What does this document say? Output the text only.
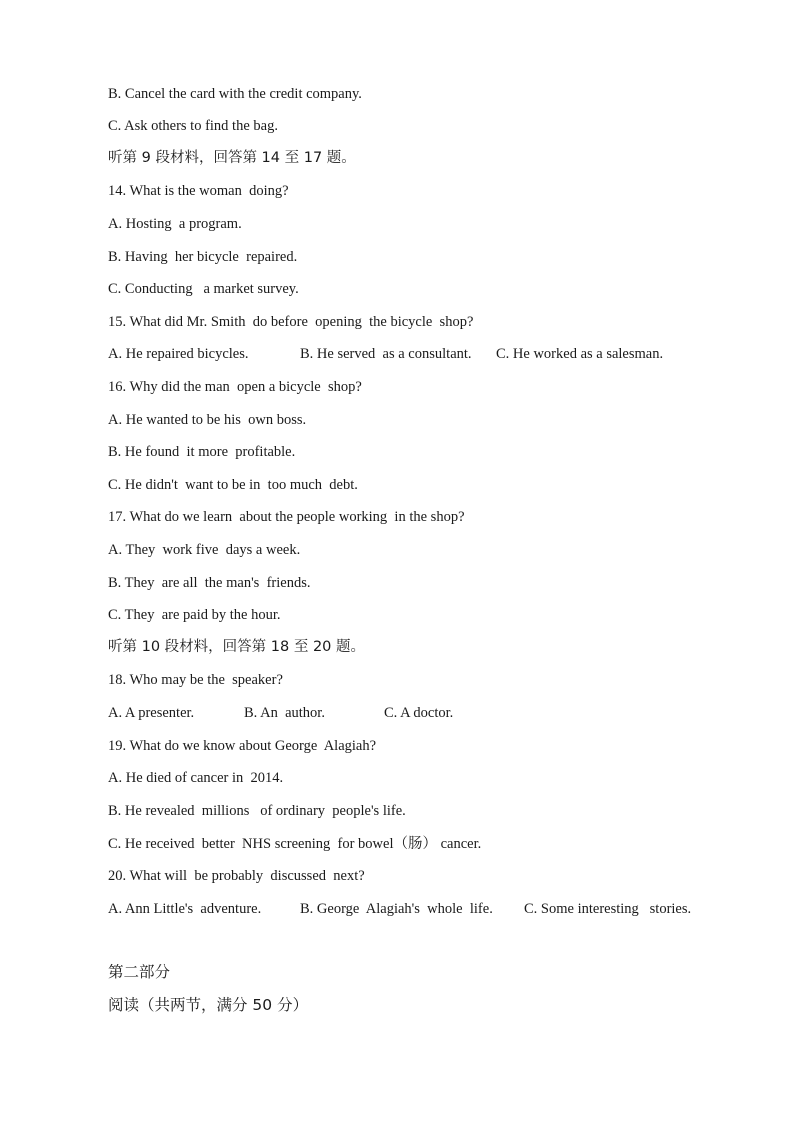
B. Cancel the card with the credit company.
C. Ask others to find the bag.
听第 9 段材料，回答第 14 至 17 题。
14. What is the woman  doing?
A. Hosting  a program.
B. Having  her bicycle  repaired.
C. Conducting   a market survey.
15. What did Mr. Smith  do before  opening  the bicycle  shop?
A. He repaired bicycles.	B. He served  as a consultant. C. He worked as a salesman.
16. Why did the man  open a bicycle  shop?
A. He wanted to be his  own boss.
B. He found  it more  profitable.
C. He didn't  want to be in  too much  debt.
17. What do we learn  about the people working  in the shop?
A. They  work five  days a week.
B. They  are all  the man's  friends.
C. They  are paid by the hour.
听第 10 段材料，回答第 18 至 20 题。
18. Who may be the  speaker?
A. A presenter.	B. An  author.	C. A doctor.
19. What do we know about George  Alagiah?
A. He died of cancer in  2014.
B. He revealed  millions   of ordinary  people's life.
C. He received  better  NHS screening  for bowel（肠） cancer.
20. What will  be probably  discussed  next?
A. Ann Little's  adventure.	B. George  Alagiah's  whole  life. C. Some interesting   stories.
第二部分
阅读（共两节，满分 50 分）
